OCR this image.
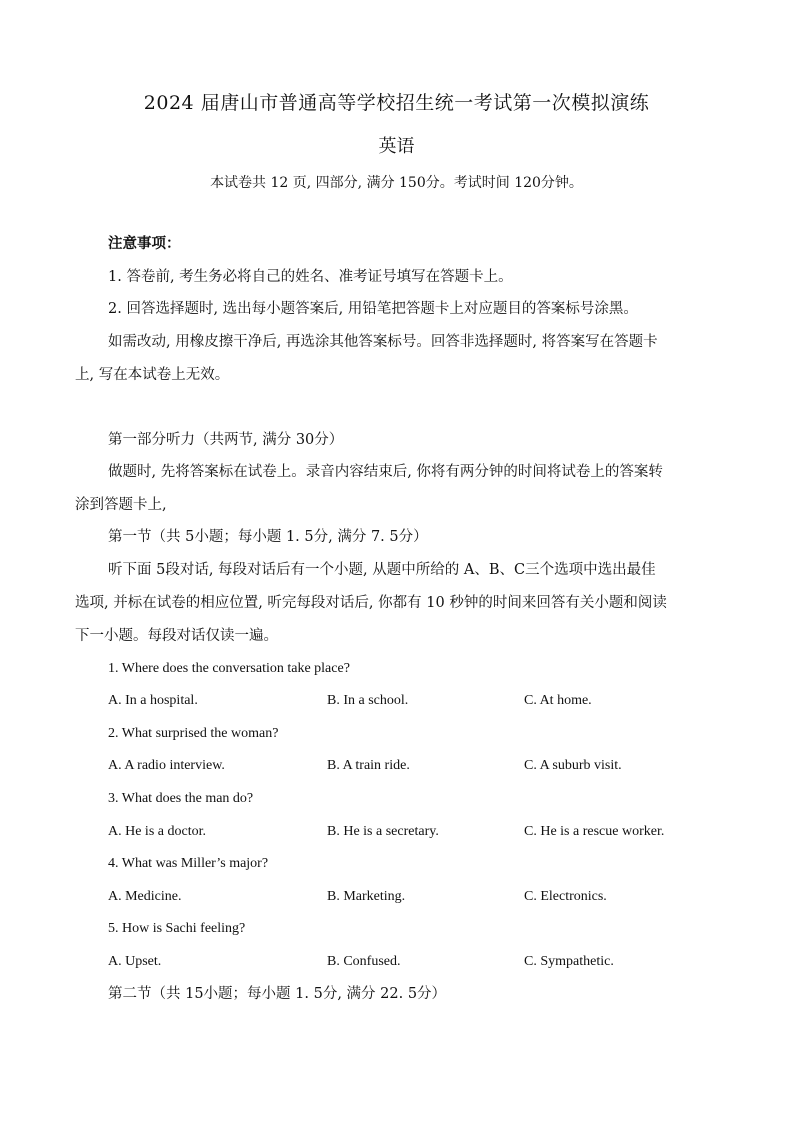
2024 届唐山市普通高等学校招生统一考试第一次模拟演练
英语
本试卷共 12 页, 四部分, 满分 150分。考试时间 120分钟。
注意事项：
1. 答卷前, 考生务必将自己的姓名、准考证号填写在答题卡上。
2. 回答选择题时, 选出每小题答案后, 用铅笔把答题卡上对应题目的答案标号涂黑。
如需改动, 用橡皮擦干净后, 再选涂其他答案标号。回答非选择题时, 将答案写在答题卡
上, 写在本试卷上无效。
第一部分听力（共两节, 满分 30分）
做题时, 先将答案标在试卷上。录音内容结束后, 你将有两分钟的时间将试卷上的答案转
涂到答题卡上,
第一节（共 5小题；每小题 1. 5分, 满分 7. 5分）
听下面 5段对话, 每段对话后有一个小题, 从题中所给的 A、B、C三个选项中选出最佳
选项, 并标在试卷的相应位置, 听完每段对话后, 你都有 10 秒钟的时间来回答有关小题和阅读
下一小题。每段对话仅读一遍。
1. Where does the conversation take place?
A. In a hospital.	B. In a school.	C. At home.
2. What surprised the woman?
A. A radio interview.	B. A train ride.	C. A suburb visit.
3. What does the man do?
A. He is a doctor.	B. He is a secretary.	C. He is a rescue worker.
4. What was Miller’s major?
A. Medicine.	B. Marketing.	C. Electronics.
5. How is Sachi feeling?
A. Upset.	B. Confused.	C. Sympathetic.
第二节（共 15小题；每小题 1. 5分, 满分 22. 5分）
